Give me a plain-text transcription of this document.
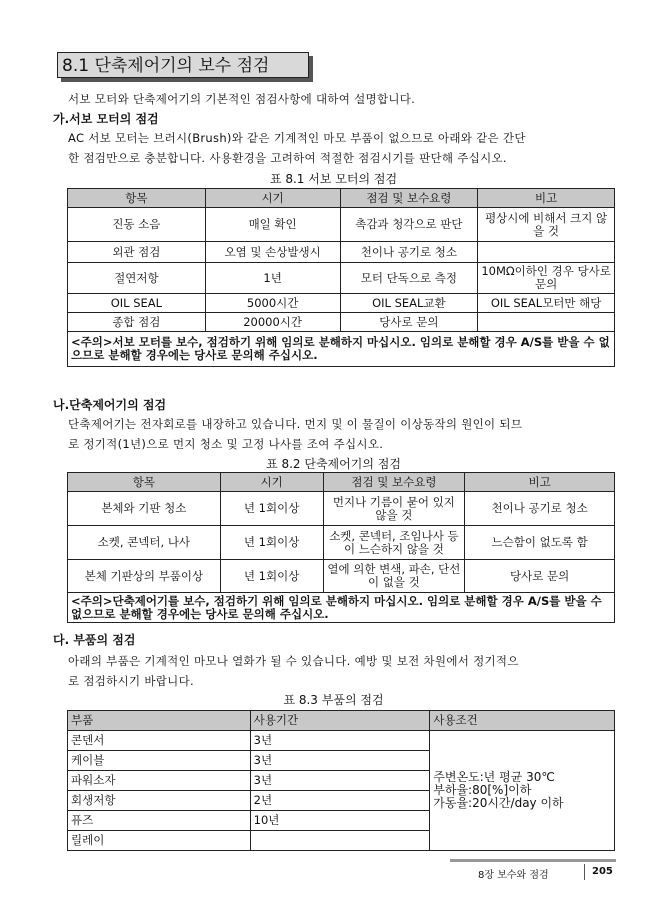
8.1 단축제어기의 보수 점검
서보 모터와 단축제어기의 기본적인 점검사항에 대하여 설명합니다.
가.서보 모터의 점검
AC 서보 모터는 브러시(Brush)와 같은 기계적인 마모 부품이 없으므로 아래와 같은 간단
한 점검만으로 충분합니다. 사용환경을 고려하여 적절한 점검시기를 판단해 주십시오.
표 8.1 서보 모터의 점검
항목	시기	점검 및 보수요령	비고
진동 소음	매일 확인	촉감과 청각으로 판단	평상시에 비해서 크지 않을 것
외관 점검	오염 및 손상발생시	천이나 공기로 청소	
절연저항	1년	모터 단독으로 측정	10MΩ이하인 경우 당사로 문의
OIL SEAL	5000시간	OIL SEAL교환	OIL SEAL모터만 해당
종합 점검	20000시간	당사로 문의	
<주의>서보 모터를 보수, 점검하기 위해 임의로 분해하지 마십시오. 임의로 분해할 경우 A/S를 받을 수 없으므로 분해할 경우에는 당사로 문의해 주십시오.			
나.단축제어기의 점검
단축제어기는 전자회로를 내장하고 있습니다. 먼지 및 이 물질이 이상동작의 원인이 되므
로 정기적(1년)으로 먼지 청소 및 고정 나사를 조여 주십시오.
표 8.2 단축제어기의 점검
항목	시기	점검 및 보수요령	비고
본체와 기판 청소	년 1회이상	먼지나 기름이 묻어 있지 않을 것	천이나 공기로 청소
소켓, 콘넥터, 나사	년 1회이상	소켓, 콘넥터, 조임나사 등이 느슨하지 않을 것	느슨함이 없도록 함
본체 기판상의 부품이상	년 1회이상	열에 의한 변색, 파손, 단선이 없을 것	당사로 문의
<주의>단축제어기를 보수, 점검하기 위해 임의로 분해하지 마십시오. 임의로 분해할 경우 A/S를 받을 수 없으므로 분해할 경우에는 당사로 문의해 주십시오.			
다. 부품의 점검
아래의 부품은 기계적인 마모나 열화가 될 수 있습니다. 예방 및 보전 차원에서 정기적으
로 점검하시기 바랍니다.
표 8.3 부품의 점검
부품	사용기간	사용조건
콘덴서	3년	주변온도:년 평균 30℃
부하율:80[%]이하
가동율:20시간/day 이하

케이블	3년	
파워소자	3년	
회생저항	2년	
퓨즈	10년	
릴레이		
8장 보수와 점검	205
